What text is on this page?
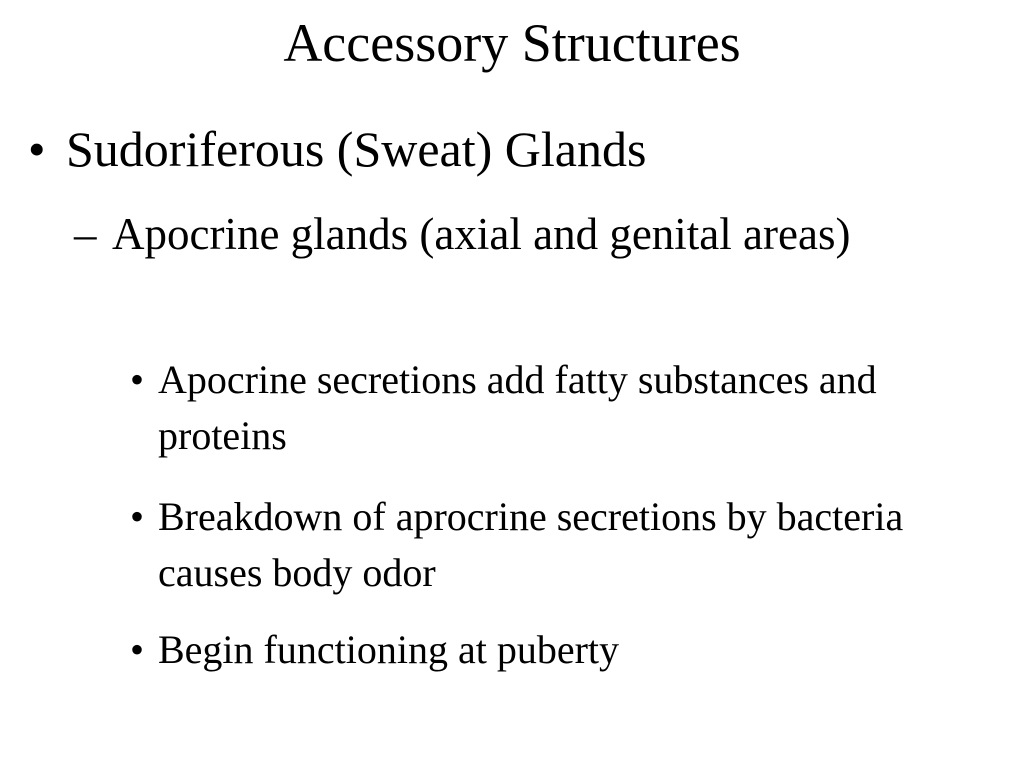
Accessory Structures
• Sudoriferous (Sweat) Glands
– Apocrine glands (axial and genital areas)
• Apocrine secretions add fatty substances and proteins
• Breakdown of aprocrine secretions by bacteria causes body odor
• Begin functioning at puberty
